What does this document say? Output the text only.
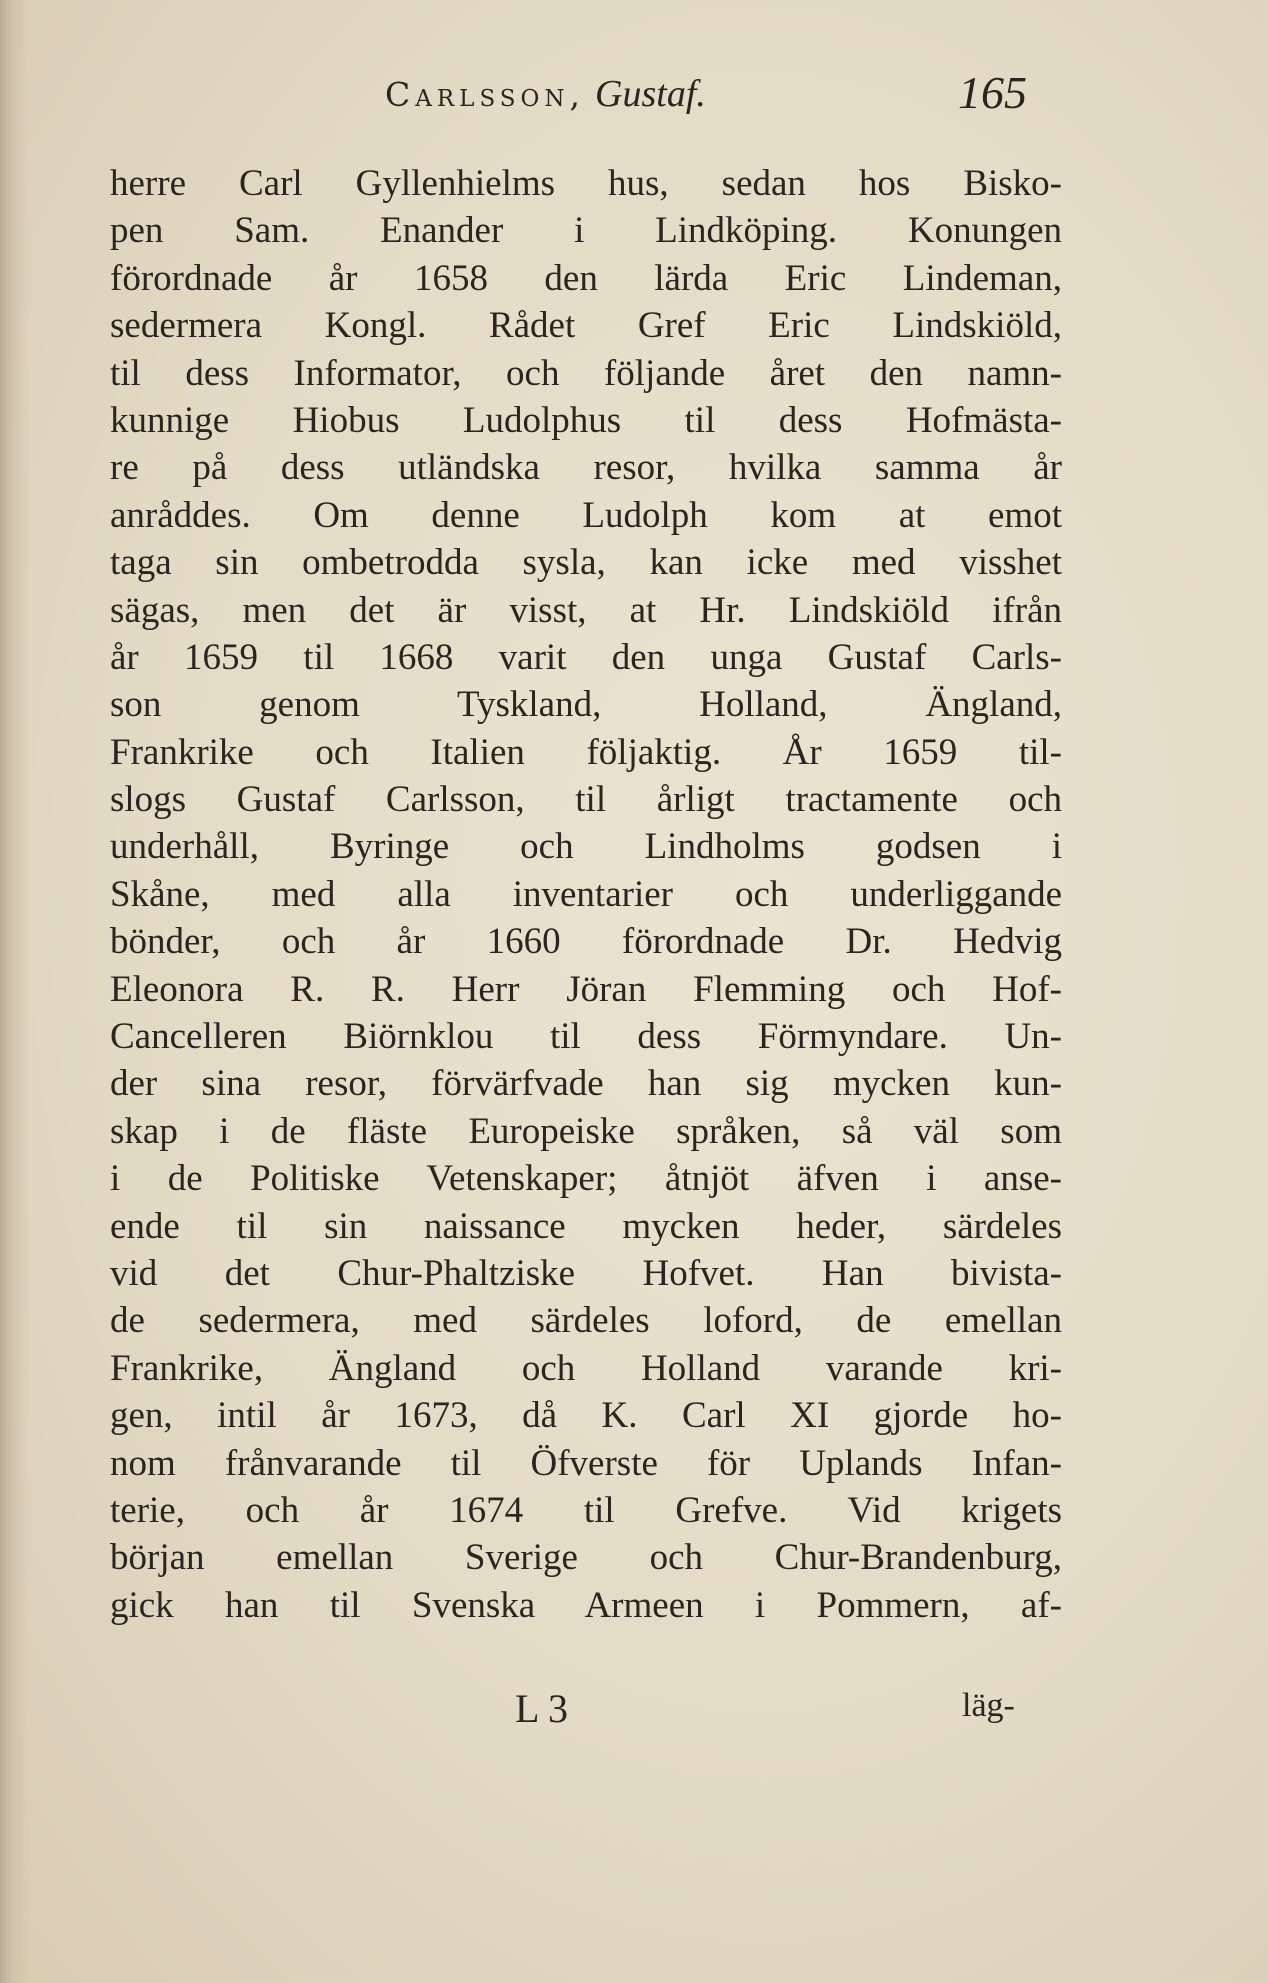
Carlsson, Gustaf.	165
herre Carl Gyllenhielms hus, sedan hos Bisko-
pen Sam. Enander i Lindköping. Konungen
förordnade år 1658 den lärda Eric Lindeman,
sedermera Kongl. Rådet Gref Eric Lindskiöld,
til dess Informator, och följande året den namn-
kunnige Hiobus Ludolphus til dess Hofmästa-
re på dess utländska resor, hvilka samma år
anråddes. Om denne Ludolph kom at emot
taga sin ombetrodda sysla, kan icke med visshet
sägas, men det är visst, at Hr. Lindskiöld ifrån
år 1659 til 1668 varit den unga Gustaf Carls-
son genom Tyskland, Holland, Ängland,
Frankrike och Italien följaktig. År 1659 til-
slogs Gustaf Carlsson, til årligt tractamente och
underhåll, Byringe och Lindholms godsen i
Skåne, med alla inventarier och underliggande
bönder, och år 1660 förordnade Dr. Hedvig
Eleonora R. R. Herr Jöran Flemming och Hof-
Cancelleren Biörnklou til dess Förmyndare. Un-
der sina resor, förvärfvade han sig mycken kun-
skap i de fläste Europeiske språken, så väl som
i de Politiske Vetenskaper; åtnjöt äfven i anse-
ende til sin naissance mycken heder, särdeles
vid det Chur-Phaltziske Hofvet. Han bivista-
de sedermera, med särdeles loford, de emellan
Frankrike, Ängland och Holland varande kri-
gen, intil år 1673, då K. Carl XI gjorde ho-
nom frånvarande til Öfverste för Uplands Infan-
terie, och år 1674 til Grefve. Vid krigets
början emellan Sverige och Chur-Brandenburg,
gick han til Svenska Armeen i Pommern, af-
L 3	läg-
